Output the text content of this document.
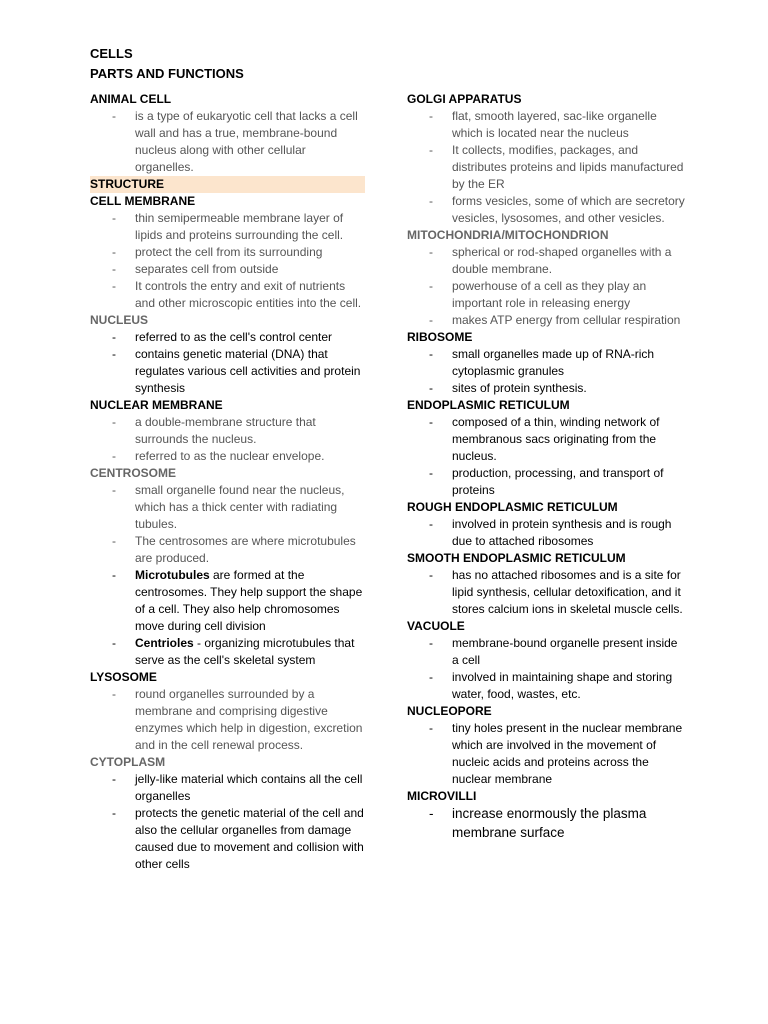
CELLS
PARTS AND FUNCTIONS
ANIMAL CELL
- is a type of eukaryotic cell that lacks a cell wall and has a true, membrane-bound nucleus along with other cellular organelles.
STRUCTURE
CELL MEMBRANE
- thin semipermeable membrane layer of lipids and proteins surrounding the cell.
- protect the cell from its surrounding
- separates cell from outside
- It controls the entry and exit of nutrients and other microscopic entities into the cell.
NUCLEUS
- referred to as the cell's control center
- contains genetic material (DNA) that regulates various cell activities and protein synthesis
NUCLEAR MEMBRANE
- a double-membrane structure that surrounds the nucleus.
- referred to as the nuclear envelope.
CENTROSOME
- small organelle found near the nucleus, which has a thick center with radiating tubules.
- The centrosomes are where microtubules are produced.
- Microtubules are formed at the centrosomes. They help support the shape of a cell. They also help chromosomes move during cell division
- Centrioles - organizing microtubules that serve as the cell's skeletal system
LYSOSOME
- round organelles surrounded by a membrane and comprising digestive enzymes which help in digestion, excretion and in the cell renewal process.
CYTOPLASM
- jelly-like material which contains all the cell organelles
- protects the genetic material of the cell and also the cellular organelles from damage caused due to movement and collision with other cells
GOLGI APPARATUS
- flat, smooth layered, sac-like organelle which is located near the nucleus
- It collects, modifies, packages, and distributes proteins and lipids manufactured by the ER
- forms vesicles, some of which are secretory vesicles, lysosomes, and other vesicles.
MITOCHONDRIA/MITOCHONDRION
- spherical or rod-shaped organelles with a double membrane.
- powerhouse of a cell as they play an important role in releasing energy
- makes ATP energy from cellular respiration
RIBOSOME
- small organelles made up of RNA-rich cytoplasmic granules
- sites of protein synthesis.
ENDOPLASMIC RETICULUM
- composed of a thin, winding network of membranous sacs originating from the nucleus.
- production, processing, and transport of proteins
ROUGH ENDOPLASMIC RETICULUM
- involved in protein synthesis and is rough due to attached ribosomes
SMOOTH ENDOPLASMIC RETICULUM
- has no attached ribosomes and is a site for lipid synthesis, cellular detoxification, and it stores calcium ions in skeletal muscle cells.
VACUOLE
- membrane-bound organelle present inside a cell
- involved in maintaining shape and storing water, food, wastes, etc.
NUCLEOPORE
- tiny holes present in the nuclear membrane which are involved in the movement of nucleic acids and proteins across the nuclear membrane
MICROVILLI
- increase enormously the plasma membrane surface
